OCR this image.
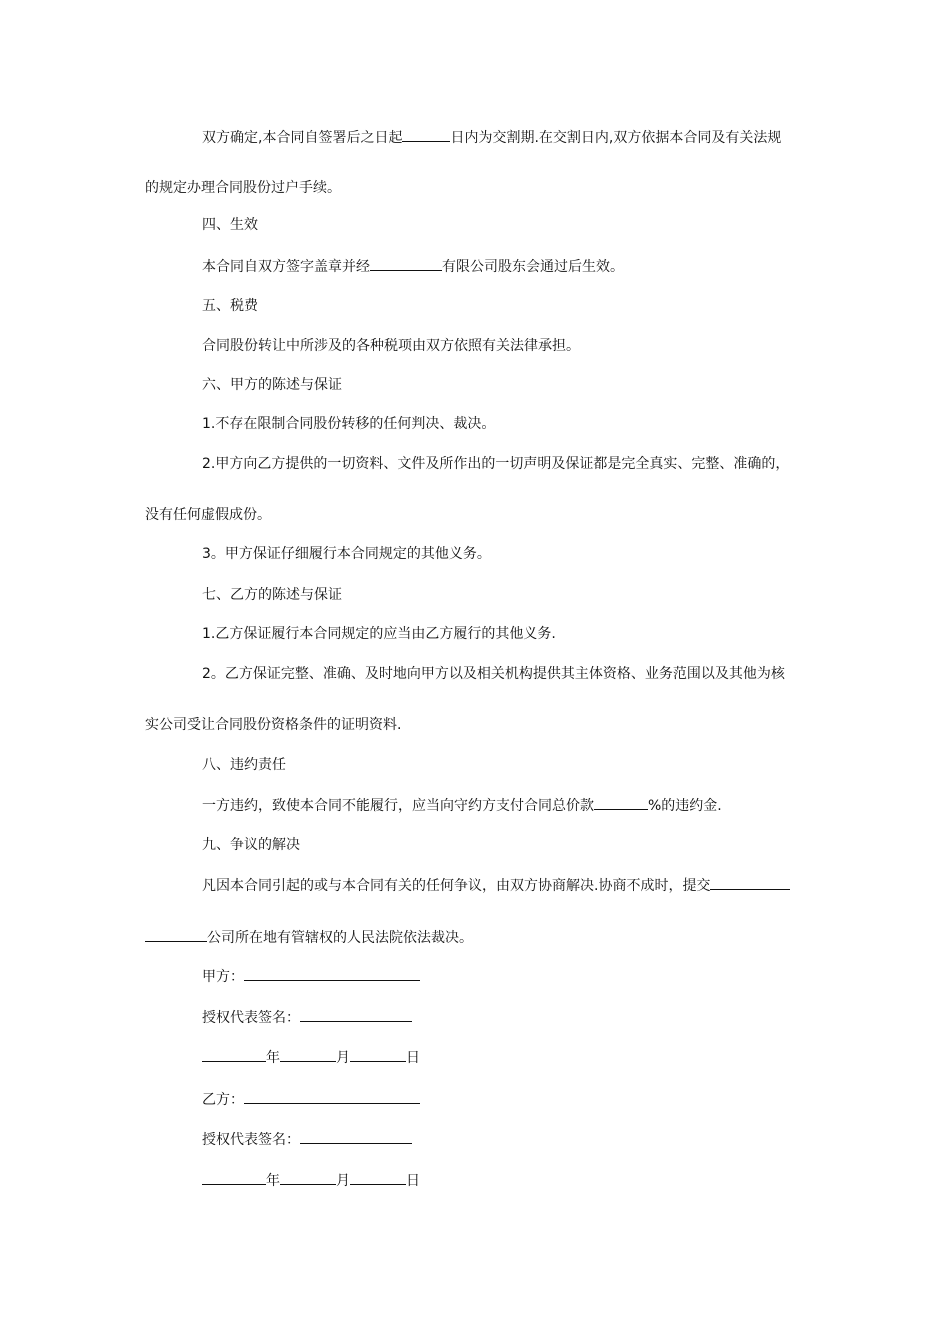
双方确定,本合同自签署后之日起	日内为交割期.在交割日内,双方依据本合同及有关法规
的规定办理合同股份过户手续。
四、生效
本合同自双方签字盖章并经	有限公司股东会通过后生效。
五、税费
合同股份转让中所涉及的各种税项由双方依照有关法律承担。
六、甲方的陈述与保证
1.不存在限制合同股份转移的任何判决、裁决。
2.甲方向乙方提供的一切资料、文件及所作出的一切声明及保证都是完全真实、完整、准确的，
没有任何虚假成份。
3。甲方保证仔细履行本合同规定的其他义务。
七、乙方的陈述与保证
1.乙方保证履行本合同规定的应当由乙方履行的其他义务.
2。乙方保证完整、准确、及时地向甲方以及相关机构提供其主体资格、业务范围以及其他为核
实公司受让合同股份资格条件的证明资料.
八、违约责任
一方违约，致使本合同不能履行，应当向守约方支付合同总价款	%的违约金.
九、争议的解决
凡因本合同引起的或与本合同有关的任何争议，由双方协商解决.协商不成时，提交
公司所在地有管辖权的人民法院依法裁决。
甲方：
授权代表签名：
年	月	日
乙方：
授权代表签名：
年	月	日
